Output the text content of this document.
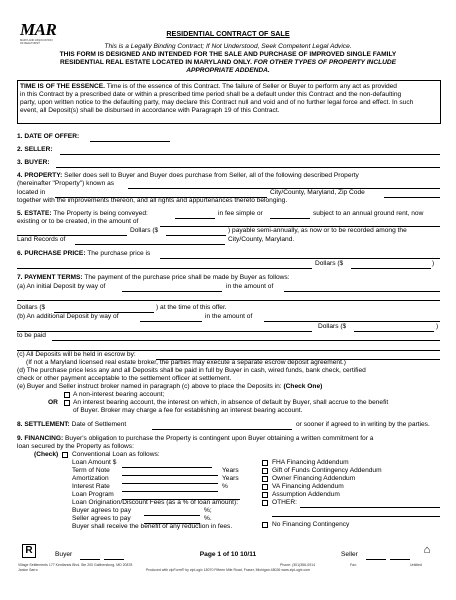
MAR
MARYLAND ASSOCIATION OF REALTORS®
RESIDENTIAL CONTRACT OF SALE
This is a Legally Binding Contract; If Not Understood, Seek Competent Legal Advice.
THIS FORM IS DESIGNED AND INTENDED FOR THE SALE AND PURCHASE OF IMPROVED SINGLE FAMILY
RESIDENTIAL REAL ESTATE LOCATED IN MARYLAND ONLY. FOR OTHER TYPES OF PROPERTY INCLUDE
APPROPRIATE ADDENDA.
TIME IS OF THE ESSENCE. Time is of the essence of this Contract. The failure of Seller or Buyer to perform any act as provided
in this Contract by a prescribed date or within a prescribed time period shall be a default under this Contract and the non-defaulting
party, upon written notice to the defaulting party, may declare this Contract null and void and of no further legal force and effect. In such
event, all Deposit(s) shall be disbursed in accordance with Paragraph 19 of this Contract.
1. DATE OF OFFER:
2. SELLER:
3. BUYER:
4. PROPERTY: Seller does sell to Buyer and Buyer does purchase from Seller, all of the following described Property
(hereinafter "Property") known as
located in	City/County, Maryland, Zip Code
together with the improvements thereon, and all rights and appurtenances thereto belonging.
5. ESTATE: The Property is being conveyed:	in fee simple or	subject to an annual ground rent, now
existing or to be created, in the amount of
Dollars ($	) payable semi-annually, as now or to be recorded among the
Land Records of	City/County, Maryland.
6. PURCHASE PRICE: The purchase price is
Dollars ($	)
7. PAYMENT TERMS: The payment of the purchase price shall be made by Buyer as follows:
(a) An initial Deposit by way of	in the amount of
Dollars ($	) at the time of this offer.
(b) An additional Deposit by way of	in the amount of
Dollars ($	)
to be paid
(c) All Deposits will be held in escrow by:
(If not a Maryland licensed real estate broker, the parties may execute a separate escrow deposit agreement.)
(d) The purchase price less any and all Deposits shall be paid in full by Buyer in cash, wired funds, bank check, certified
check or other payment acceptable to the settlement officer at settlement.
(e) Buyer and Seller instruct broker named in paragraph (c) above to place the Deposits in: (Check One)
A non-interest bearing account;
OR An interest bearing account, the interest on which, in absence of default by Buyer, shall accrue to the benefit
of Buyer. Broker may charge a fee for establishing an interest bearing account.
8. SETTLEMENT: Date of Settlement	or sooner if agreed to in writing by the parties.
9. FINANCING: Buyer's obligation to purchase the Property is contingent upon Buyer obtaining a written commitment for a
loan secured by the Property as follows:
(Check) Conventional Loan as follows:
Loan Amount $
Term of Note	Years
Amortization	Years
Interest Rate	%
Loan Program
Loan Origination/Discount Fees (as a % of loan amount):
Buyer agrees to pay	%;
Seller agrees to pay	%.
Buyer shall receive the benefit of any reduction in fees.
FHA Financing Addendum
Gift of Funds Contingency Addendum
Owner Financing Addendum
VA Financing Addendum
Assumption Addendum
OTHER:
No Financing Contingency
R	⌂
Buyer	Page 1 of 10 10/11	Seller
Village Settlements 177 Kentlands Blvd. Ste 200 Gaithersburg, MD 20878	Phone: (301)356-0914	Fax:	Untitled
Janice Sarro	Produced with zipForm® by zipLogix 18070 Fifteen Mile Road, Fraser, Michigan 48026 www.zipLogix.com
